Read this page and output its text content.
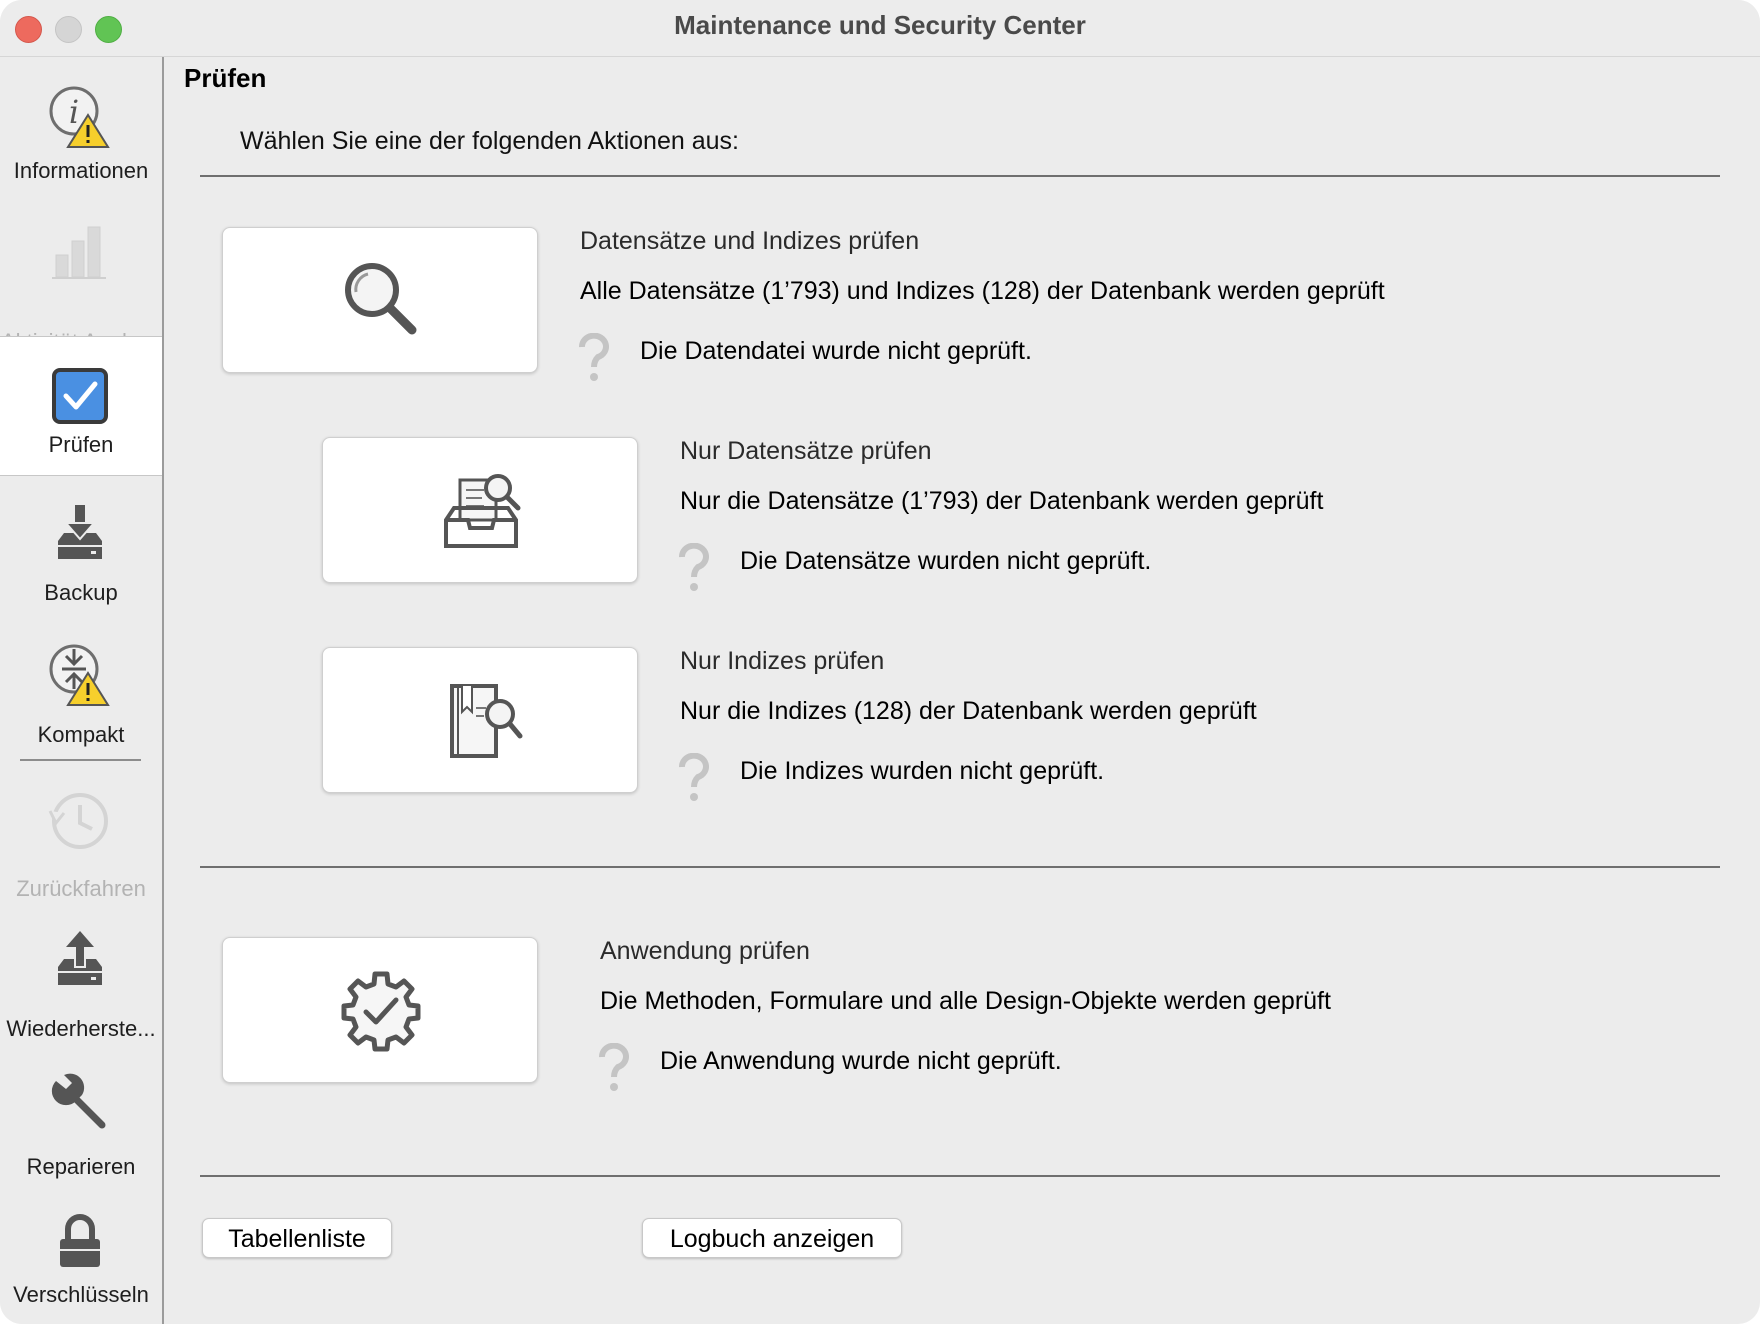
Maintenance und Security Center
i
Informationen
Prüfen
Backup
Kompakt
Zurückfahren
Wiederherste...
Reparieren
Verschlüsseln
Prüfen
Wählen Sie eine der folgenden Aktionen aus:
Datensätze und Indizes prüfen
Alle Datensätze (1’793) und Indizes (128) der Datenbank werden geprüft
Die Datendatei wurde nicht geprüft.
Nur Datensätze prüfen
Nur die Datensätze (1’793) der Datenbank werden geprüft
Die Datensätze wurden nicht geprüft.
Nur Indizes prüfen
Nur die Indizes (128) der Datenbank werden geprüft
Die Indizes wurden nicht geprüft.
Anwendung prüfen
Die Methoden, Formulare und alle Design-Objekte werden geprüft
Die Anwendung wurde nicht geprüft.
Tabellenliste	Logbuch anzeigen
